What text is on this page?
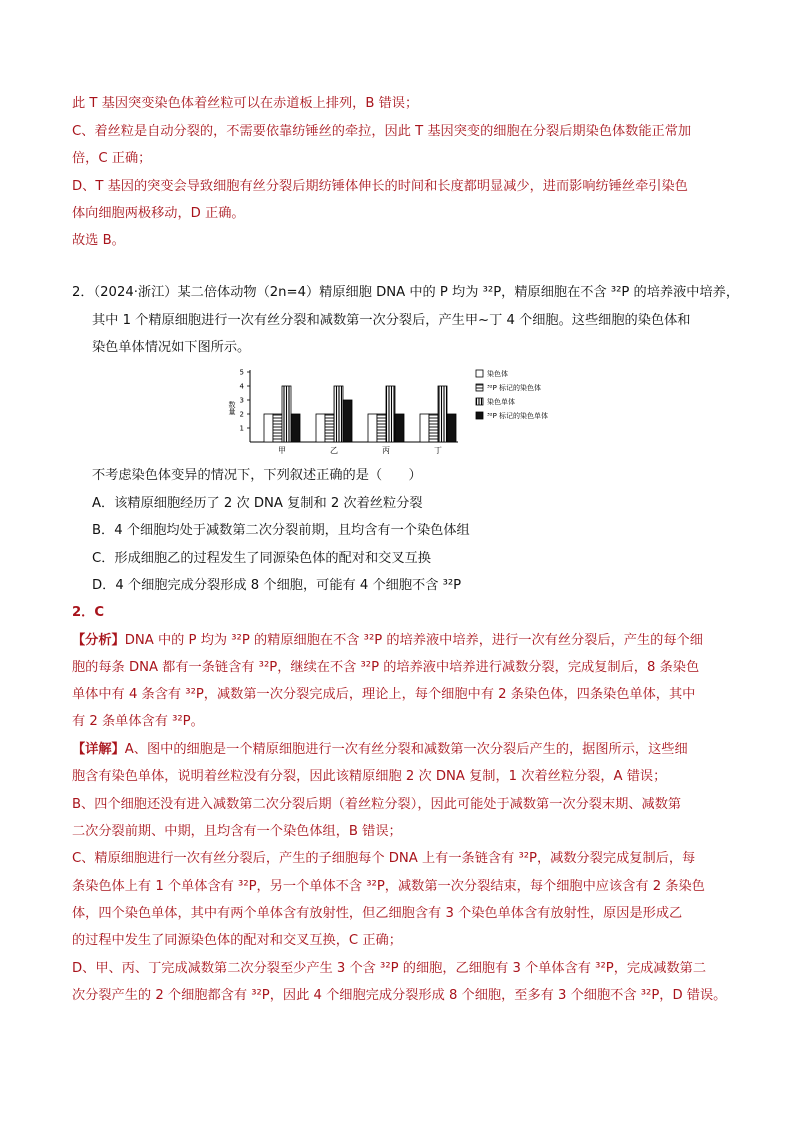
此 T 基因突变染色体着丝粒可以在赤道板上排列，B 错误；
C、着丝粒是自动分裂的，不需要依靠纺锤丝的牵拉，因此 T 基因突变的细胞在分裂后期染色体数能正常加
倍，C 正确；
D、T 基因的突变会导致细胞有丝分裂后期纺锤体伸长的时间和长度都明显减少，进而影响纺锤丝牵引染色
体向细胞两极移动，D 正确。
故选 B。
2．（2024·浙江）某二倍体动物（2n=4）精原细胞 DNA 中的 P 均为 ³²P，精原细胞在不含 ³²P 的培养液中培养，
其中 1 个精原细胞进行一次有丝分裂和减数第一次分裂后，产生甲~丁 4 个细胞。这些细胞的染色体和
染色单体情况如下图所示。
数量
1
2
3
4
5
甲	乙	丙	丁
染色体
³²P 标记的染色体
染色单体
³²P 标记的染色单体
不考虑染色体变异的情况下，下列叙述正确的是（　　）
A．该精原细胞经历了 2 次 DNA 复制和 2 次着丝粒分裂
B．4 个细胞均处于减数第二次分裂前期，且均含有一个染色体组
C．形成细胞乙的过程发生了同源染色体的配对和交叉互换
D．4 个细胞完成分裂形成 8 个细胞，可能有 4 个细胞不含 ³²P
2．C
【分析】DNA 中的 P 均为 ³²P 的精原细胞在不含 ³²P 的培养液中培养，进行一次有丝分裂后，产生的每个细
胞的每条 DNA 都有一条链含有 ³²P，继续在不含 ³²P 的培养液中培养进行减数分裂，完成复制后，8 条染色
单体中有 4 条含有 ³²P，减数第一次分裂完成后，理论上，每个细胞中有 2 条染色体，四条染色单体，其中
有 2 条单体含有 ³²P。
【详解】A、图中的细胞是一个精原细胞进行一次有丝分裂和减数第一次分裂后产生的，据图所示，这些细
胞含有染色单体，说明着丝粒没有分裂，因此该精原细胞 2 次 DNA 复制，1 次着丝粒分裂，A 错误；
B、四个细胞还没有进入减数第二次分裂后期（着丝粒分裂），因此可能处于减数第一次分裂末期、减数第
二次分裂前期、中期，且均含有一个染色体组，B 错误；
C、精原细胞进行一次有丝分裂后，产生的子细胞每个 DNA 上有一条链含有 ³²P，减数分裂完成复制后，每
条染色体上有 1 个单体含有 ³²P，另一个单体不含 ³²P，减数第一次分裂结束，每个细胞中应该含有 2 条染色
体，四个染色单体，其中有两个单体含有放射性，但乙细胞含有 3 个染色单体含有放射性，原因是形成乙
的过程中发生了同源染色体的配对和交叉互换，C 正确；
D、甲、丙、丁完成减数第二次分裂至少产生 3 个含 ³²P 的细胞，乙细胞有 3 个单体含有 ³²P，完成减数第二
次分裂产生的 2 个细胞都含有 ³²P，因此 4 个细胞完成分裂形成 8 个细胞，至多有 3 个细胞不含 ³²P，D 错误。
